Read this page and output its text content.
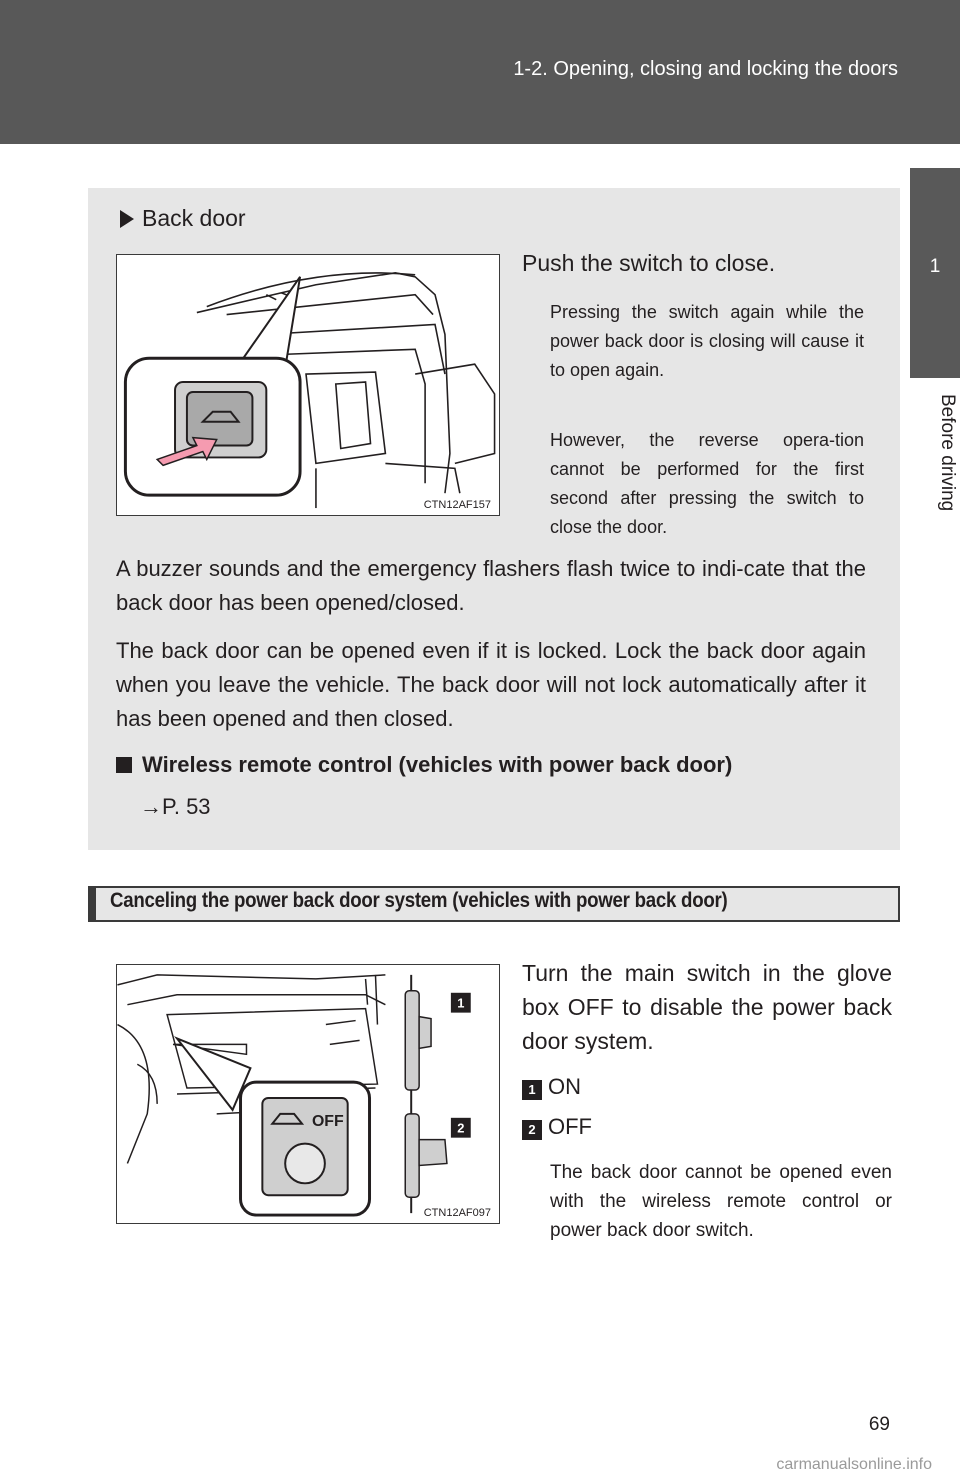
1-2. Opening, closing and locking the doors
1
Before driving
Back door
CTN12AF157
Push the switch to close.
Pressing the switch again while the power back door is closing will cause it to open again.
However, the reverse opera-tion cannot be performed for the first second after pressing the switch to close the door.
A buzzer sounds and the emergency flashers flash twice to indi-cate that the back door has been opened/closed.
The back door can be opened even if it is locked. Lock the back door again when you leave the vehicle. The back door will not lock automatically after it has been opened and then closed.
Wireless remote control (vehicles with power back door)
→P. 53
Canceling the power back door system (vehicles with power back door)
OFF
1
2
CTN12AF097
Turn the main switch in the glove box OFF to disable the power back door system.
1 ON
2 OFF
The back door cannot be opened even with the wireless remote control or power back door switch.
69
carmanualsonline.info
